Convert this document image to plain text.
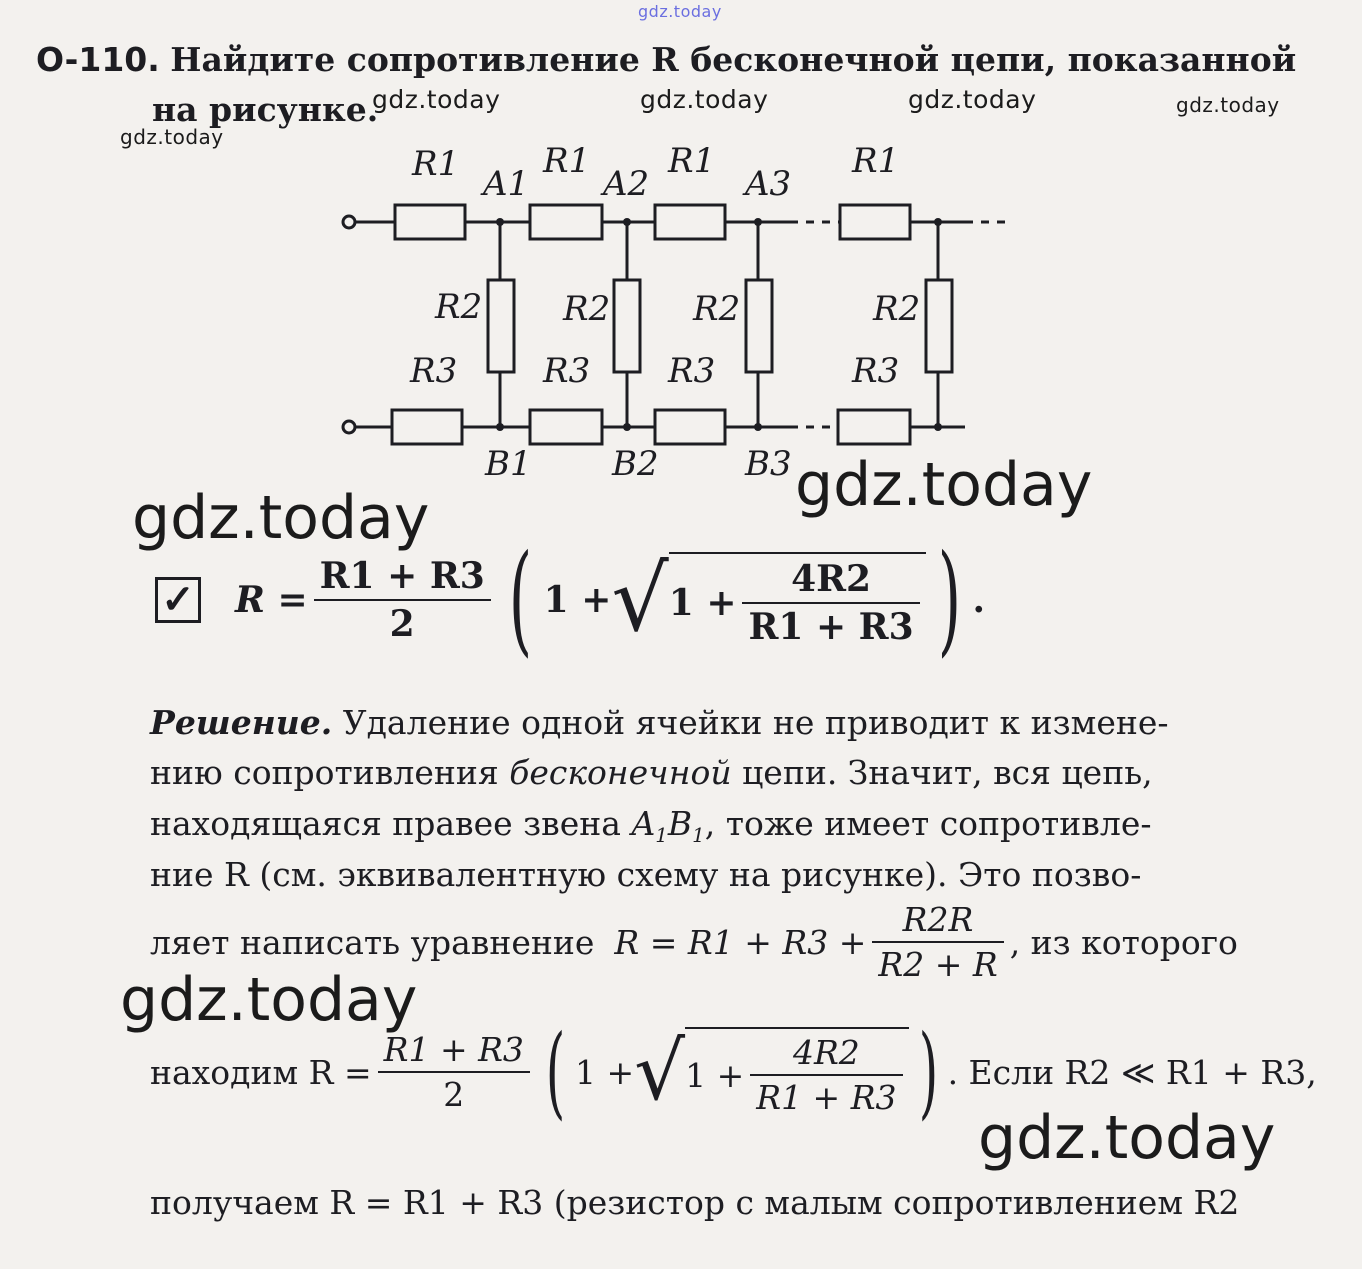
gdz.today
gdz.today	gdz.today	gdz.today	gdz.today
gdz.today
gdz.today
gdz.today
gdz.today
gdz.today
O-110. Найдите сопротивление R бесконечной цепи, показанной
на рисунке.
R1 R1 R1	R1
R2 R2 R2	R2
R3	R3 R3	R3
A1 A2	A3
B1 B2	B3
✓ $R = \frac{R1 + R3}{2}$ ( 1 + √ $1 + \frac{4R2}{R1 + R3}$ ) .
Решение. Удаление одной ячейки не приводит к измене-
нию сопротивления бесконечной цепи. Значит, вся цепь,
находящаяся правее звена $A_1B_1$, тоже имеет сопротивле-
ние R (см. эквивалентную схему на рисунке). Это позво-
ляет написать уравнение $R = R1 + R3 + \frac{R2R}{R2 + R}$ , из которого
находим $R = \frac{R1 + R3}{2}$ ( 1 + √ $1 + \frac{4R2}{R1 + R3}$ ) . Если R2 ≪ R1 + R3,
получаем R = R1 + R3 (резистор с малым сопротивлением R2
